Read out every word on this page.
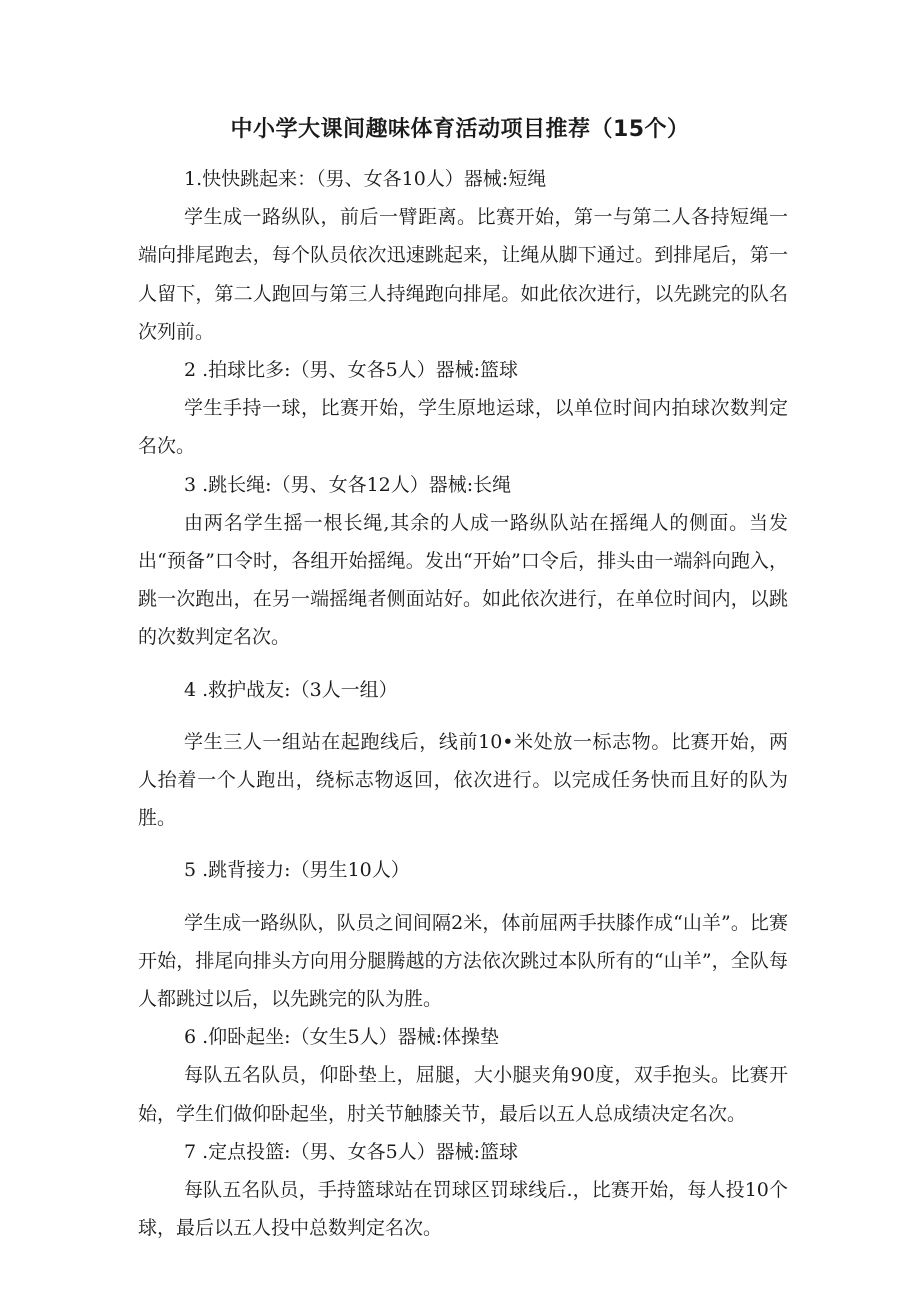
中小学大课间趣味体育活动项目推荐（15个）

1.快快跳起来：（男、女各10人）器械:短绳

学生成一路纵队，前后一臂距离。比赛开始，第一与第二人各持短绳一端向排尾跑去，每个队员依次迅速跳起来，让绳从脚下通过。到排尾后，第一人留下，第二人跑回与第三人持绳跑向排尾。如此依次进行，以先跳完的队名次列前。

2 .拍球比多:（男、女各5人）器械:篮球

学生手持一球，比赛开始，学生原地运球，以单位时间内拍球次数判定名次。

3 .跳长绳:（男、女各12人）器械:长绳

由两名学生摇一根长绳,其余的人成一路纵队站在摇绳人的侧面。当发出“预备”口令时，各组开始摇绳。发出“开始”口令后，排头由一端斜向跑入，跳一次跑出，在另一端摇绳者侧面站好。如此依次进行，在单位时间内，以跳的次数判定名次。

4 .救护战友:（3人一组）

学生三人一组站在起跑线后，线前10•米处放一标志物。比赛开始，两人抬着一个人跑出，绕标志物返回，依次进行。以完成任务快而且好的队为胜。

5 .跳背接力:（男生10人）

学生成一路纵队，队员之间间隔2米，体前屈两手扶膝作成“山羊”。比赛开始，排尾向排头方向用分腿腾越的方法依次跳过本队所有的“山羊”，全队每人都跳过以后，以先跳完的队为胜。

6 .仰卧起坐:（女生5人）器械:体操垫

每队五名队员，仰卧垫上，屈腿，大小腿夹角90度，双手抱头。比赛开始，学生们做仰卧起坐，肘关节触膝关节，最后以五人总成绩决定名次。

7 .定点投篮:（男、女各5人）器械:篮球

每队五名队员，手持篮球站在罚球区罚球线后.，比赛开始，每人投10个球，最后以五人投中总数判定名次。
